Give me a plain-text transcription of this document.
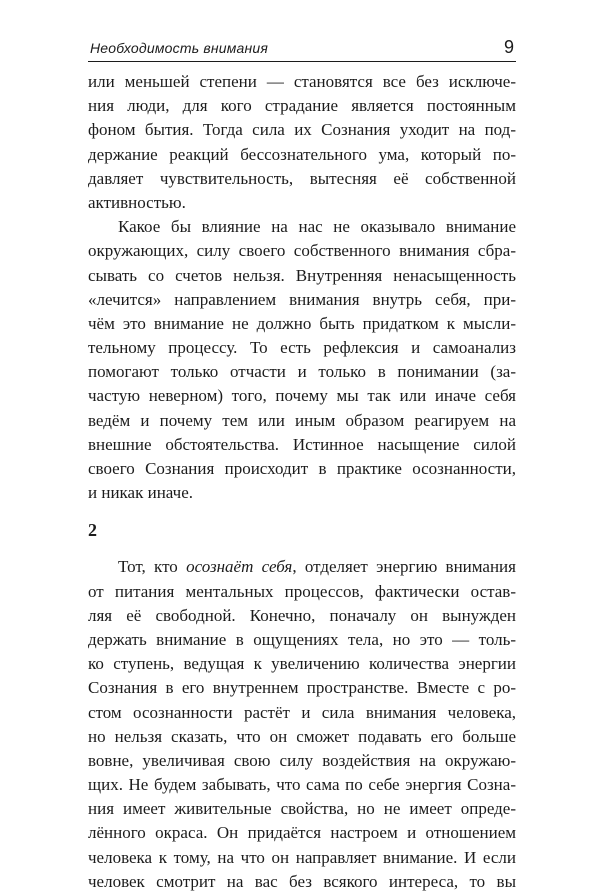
Необходимость внимания	9
или меньшей степени — становятся все без исключе-
ния люди, для кого страдание является постоянным
фоном бытия. Тогда сила их Сознания уходит на под-
держание реакций бессознательного ума, который по-
давляет чувствительность, вытесняя её собственной
активностью.
Какое бы влияние на нас не оказывало внимание
окружающих, силу своего собственного внимания сбра-
сывать со счетов нельзя. Внутренняя ненасыщенность
«лечится» направлением внимания внутрь себя, при-
чём это внимание не должно быть придатком к мысли-
тельному процессу. То есть рефлексия и самоанализ
помогают только отчасти и только в понимании (за-
частую неверном) того, почему мы так или иначе себя
ведём и почему тем или иным образом реагируем на
внешние обстоятельства. Истинное насыщение силой
своего Сознания происходит в практике осознанности,
и никак иначе.
2
Тот, кто осознаёт себя, отделяет энергию внимания
от питания ментальных процессов, фактически остав-
ляя её свободной. Конечно, поначалу он вынужден
держать внимание в ощущениях тела, но это — толь-
ко ступень, ведущая к увеличению количества энергии
Сознания в его внутреннем пространстве. Вместе с ро-
стом осознанности растёт и сила внимания человека,
но нельзя сказать, что он сможет подавать его больше
вовне, увеличивая свою силу воздействия на окружаю-
щих. Не будем забывать, что сама по себе энергия Созна-
ния имеет живительные свойства, но не имеет опреде-
лённого окраса. Он придаётся настроем и отношением
человека к тому, на что он направляет внимание. И если
человек смотрит на вас без всякого интереса, то вы
